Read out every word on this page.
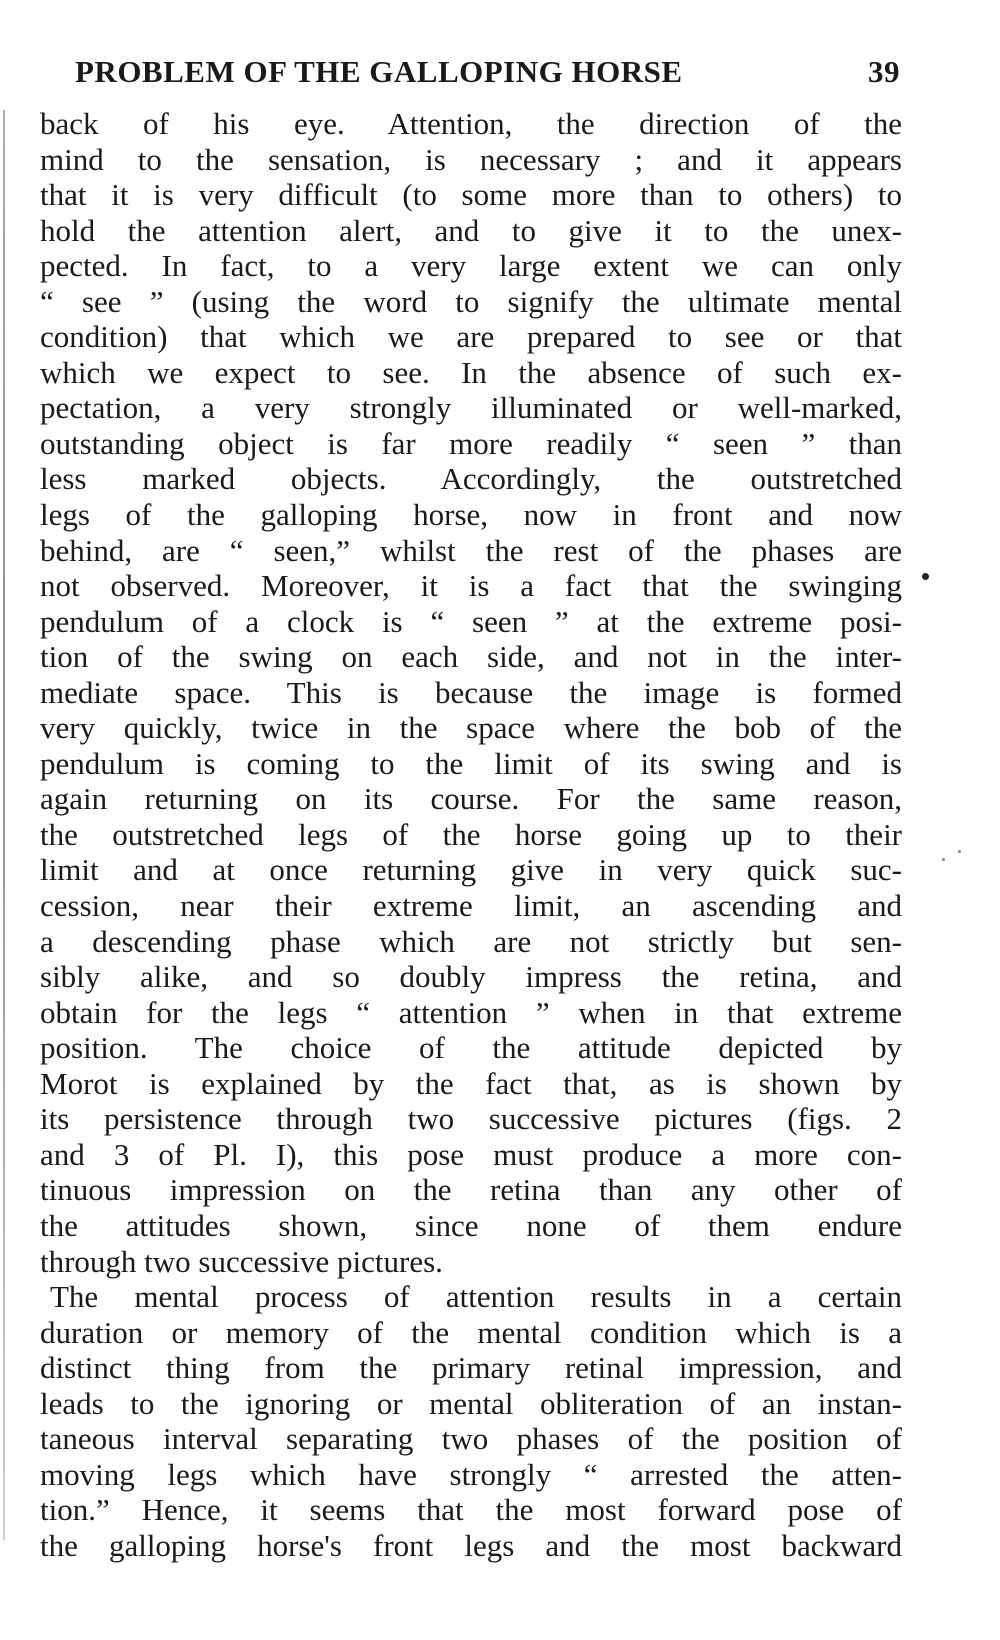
PROBLEM OF THE GALLOPING HORSE	39
back of his eye. Attention, the direction of the
mind to the sensation, is necessary ; and it appears
that it is very difficult (to some more than to others) to
hold the attention alert, and to give it to the unex-
pected. In fact, to a very large extent we can only
“ see ” (using the word to signify the ultimate mental
condition) that which we are prepared to see or that
which we expect to see. In the absence of such ex-
pectation, a very strongly illuminated or well-marked,
outstanding object is far more readily “ seen ” than
less marked objects. Accordingly, the outstretched
legs of the galloping horse, now in front and now
behind, are “ seen,” whilst the rest of the phases are
not observed. Moreover, it is a fact that the swinging
pendulum of a clock is “ seen ” at the extreme posi-
tion of the swing on each side, and not in the inter-
mediate space. This is because the image is formed
very quickly, twice in the space where the bob of the
pendulum is coming to the limit of its swing and is
again returning on its course. For the same reason,
the outstretched legs of the horse going up to their
limit and at once returning give in very quick suc-
cession, near their extreme limit, an ascending and
a descending phase which are not strictly but sen-
sibly alike, and so doubly impress the retina, and
obtain for the legs “ attention ” when in that extreme
position. The choice of the attitude depicted by
Morot is explained by the fact that, as is shown by
its persistence through two successive pictures (figs. 2
and 3 of Pl. I), this pose must produce a more con-
tinuous impression on the retina than any other of
the attitudes shown, since none of them endure
through two successive pictures.
The mental process of attention results in a certain
duration or memory of the mental condition which is a
distinct thing from the primary retinal impression, and
leads to the ignoring or mental obliteration of an instan-
taneous interval separating two phases of the position of
moving legs which have strongly “ arrested the atten-
tion.” Hence, it seems that the most forward pose of
the galloping horse's front legs and the most backward
